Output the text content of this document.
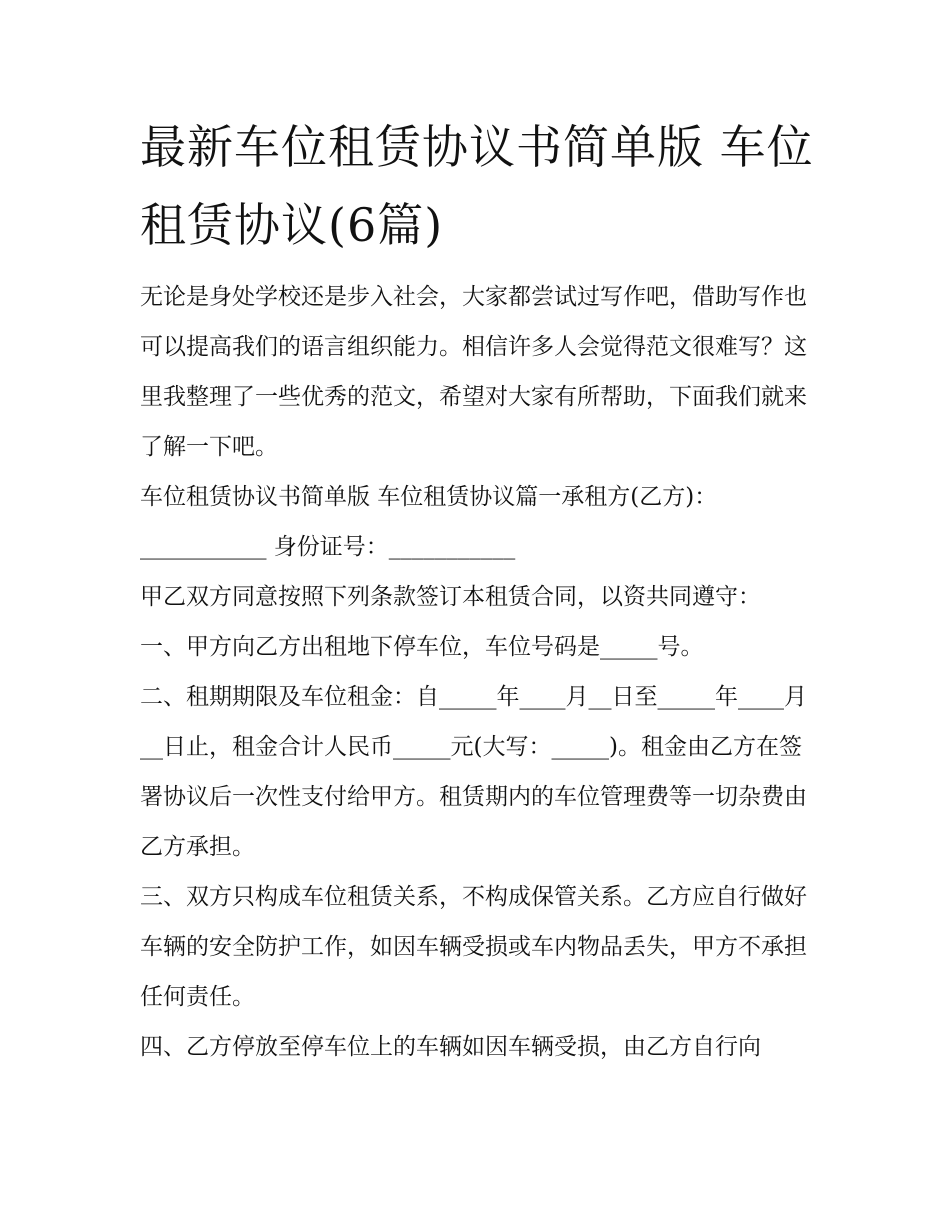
最新车位租赁协议书简单版 车位租赁协议(6篇)

无论是身处学校还是步入社会，大家都尝试过写作吧，借助写作也可以提高我们的语言组织能力。相信许多人会觉得范文很难写？这里我整理了一些优秀的范文，希望对大家有所帮助，下面我们就来了解一下吧。

车位租赁协议书简单版 车位租赁协议篇一承租方(乙方)：

___________ 身份证号：___________

甲乙双方同意按照下列条款签订本租赁合同，以资共同遵守：

一、甲方向乙方出租地下停车位，车位号码是_____号。

二、租期期限及车位租金：自_____年____月__日至_____年____月__日止，租金合计人民币_____元(大写：_____)。租金由乙方在签署协议后一次性支付给甲方。租赁期内的车位管理费等一切杂费由乙方承担。

三、双方只构成车位租赁关系，不构成保管关系。乙方应自行做好车辆的安全防护工作，如因车辆受损或车内物品丢失，甲方不承担任何责任。

四、乙方停放至停车位上的车辆如因车辆受损，由乙方自行向
